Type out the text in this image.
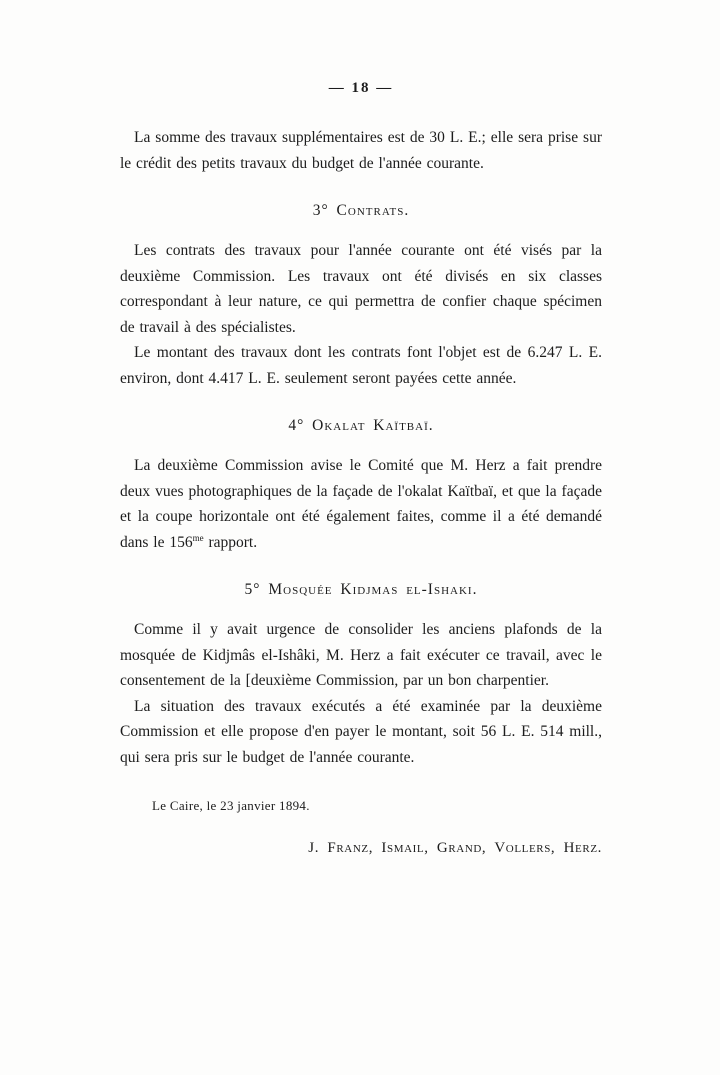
— 18 —

La somme des travaux supplémentaires est de 30 L. E.; elle sera prise sur le crédit des petits travaux du budget de l'année courante.

3° Contrats.

Les contrats des travaux pour l'année courante ont été visés par la deuxième Commission. Les travaux ont été divisés en six classes correspondant à leur nature, ce qui permettra de confier chaque spécimen de travail à des spécialistes.

Le montant des travaux dont les contrats font l'objet est de 6.247 L. E. environ, dont 4.417 L. E. seulement seront payées cette année.

4° Okalat Kaïtbaï.

La deuxième Commission avise le Comité que M. Herz a fait prendre deux vues photographiques de la façade de l'okalat Kaïtbaï, et que la façade et la coupe horizontale ont été également faites, comme il a été demandé dans le $156^{me}$ rapport.

5° Mosquée Kidjmas el-Ishaki.

Comme il y avait urgence de consolider les anciens plafonds de la mosquée de Kidjmâs el-Ishâki, M. Herz a fait exécuter ce travail, avec le consentement de la [deuxième Commission, par un bon charpentier.

La situation des travaux exécutés a été examinée par la deuxième Commission et elle propose d'en payer le montant, soit 56 L. E. 514 mill., qui sera pris sur le budget de l'année courante.

Le Caire, le 23 janvier 1894.

J. Franz, Ismail, Grand, Vollers, Herz.
